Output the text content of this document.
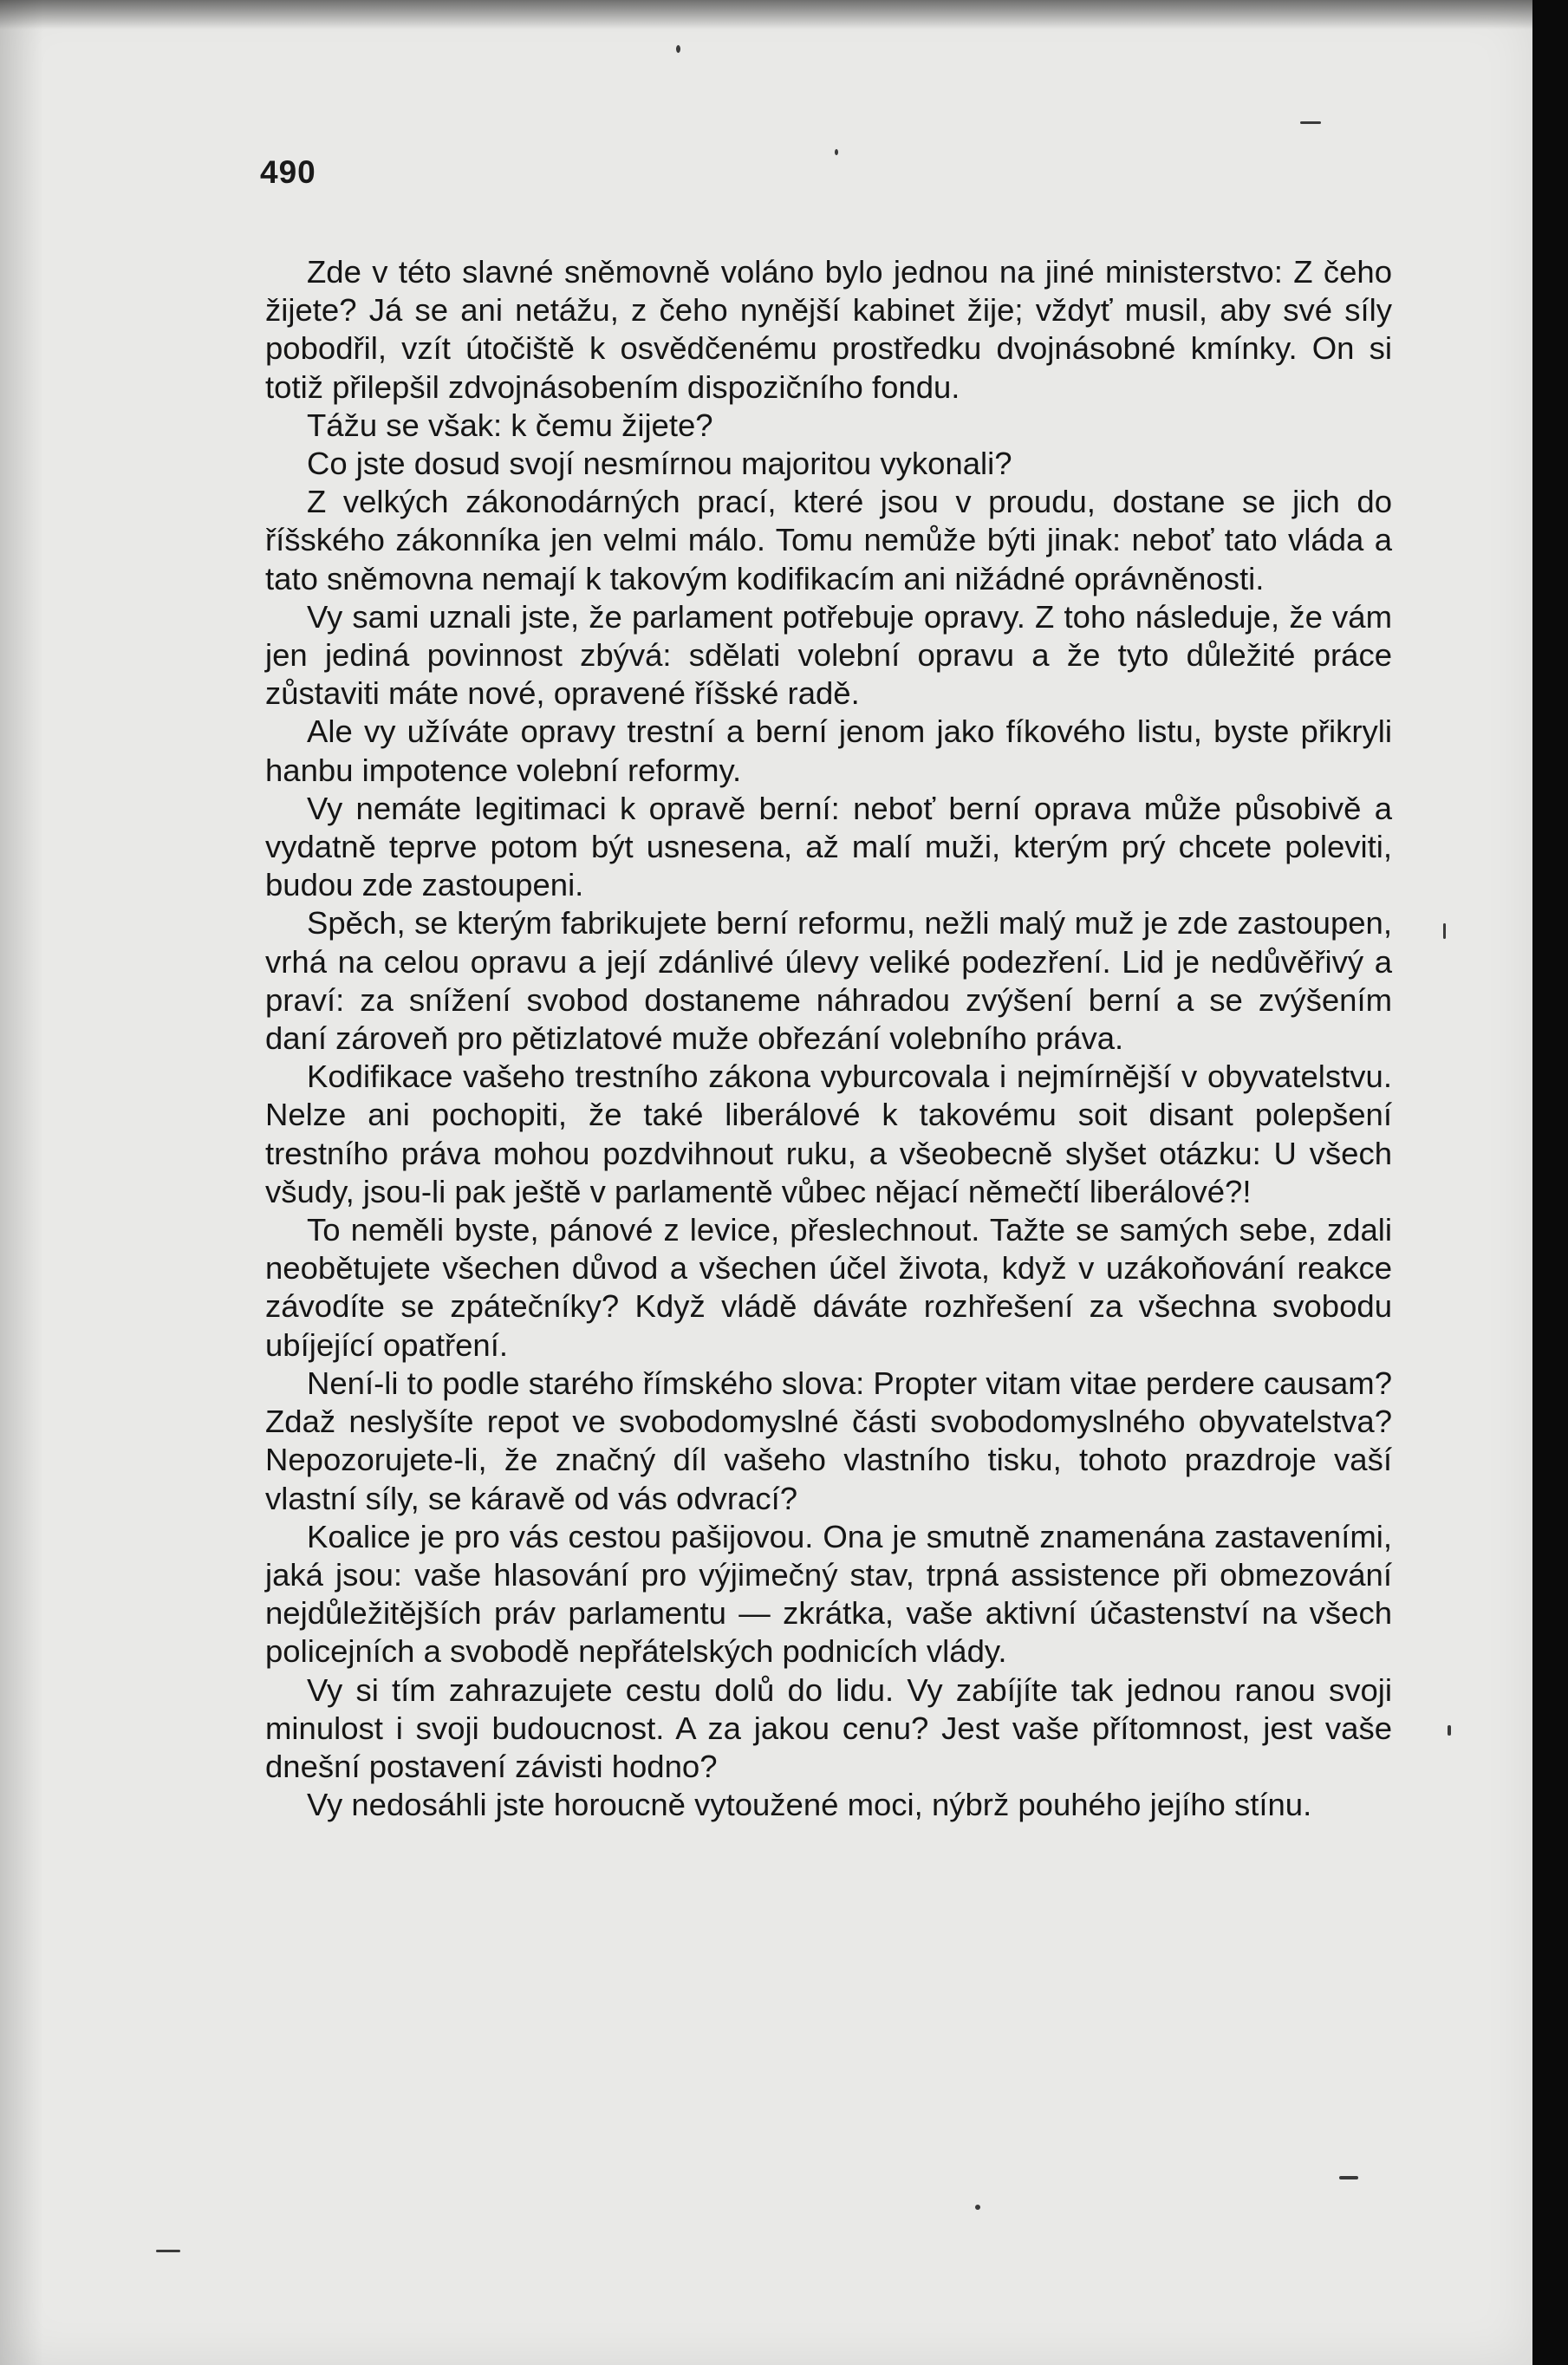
490

Zde v této slavné sněmovně voláno bylo jednou na jiné ministerstvo: Z čeho žijete? Já se ani netážu, z čeho nynější kabinet žije; vždyť musil, aby své síly pobodřil, vzít útočiště k osvědčenému prostředku dvojnásobné kmínky. On si totiž přilepšil zdvojnásobením dispozičního fondu.

Tážu se však: k čemu žijete?

Co jste dosud svojí nesmírnou majoritou vykonali?

Z velkých zákonodárných prací, které jsou v proudu, dostane se jich do říšského zákonníka jen velmi málo. Tomu nemůže býti jinak: neboť tato vláda a tato sněmovna nemají k takovým kodifikacím ani nižádné oprávněnosti.

Vy sami uznali jste, že parlament potřebuje opravy. Z toho následuje, že vám jen jediná povinnost zbývá: sdělati volební opravu a že tyto důležité práce zůstaviti máte nové, opravené říšské radě.

Ale vy užíváte opravy trestní a berní jenom jako fíkového listu, byste přikryli hanbu impotence volební reformy.

Vy nemáte legitimaci k opravě berní: neboť berní oprava může působivě a vydatně teprve potom být usnesena, až malí muži, kterým prý chcete poleviti, budou zde zastoupeni.

Spěch, se kterým fabrikujete berní reformu, nežli malý muž je zde zastoupen, vrhá na celou opravu a její zdánlivé úlevy veliké podezření. Lid je nedůvěřivý a praví: za snížení svobod dostaneme náhradou zvýšení berní a se zvýšením daní zároveň pro pětizlatové muže obřezání volebního práva.

Kodifikace vašeho trestního zákona vyburcovala i nejmírnější v obyvatelstvu. Nelze ani pochopiti, že také liberálové k takovému soit disant polepšení trestního práva mohou pozdvihnout ruku, a všeobecně slyšet otázku: U všech všudy, jsou-li pak ještě v parlamentě vůbec nějací němečtí liberálové?!

To neměli byste, pánové z levice, přeslechnout. Tažte se samých sebe, zdali neobětujete všechen důvod a všechen účel života, když v uzákoňování reakce závodíte se zpátečníky? Když vládě dáváte rozhřešení za všechna svobodu ubíjející opatření.

Není-li to podle starého římského slova: Propter vitam vitae perdere causam? Zdaž neslyšíte repot ve svobodomyslné části svobodomyslného obyvatelstva? Nepozorujete-li, že značný díl vašeho vlastního tisku, tohoto prazdroje vaší vlastní síly, se káravě od vás odvrací?

Koalice je pro vás cestou pašijovou. Ona je smutně znamenána zastaveními, jaká jsou: vaše hlasování pro výjimečný stav, trpná assistence při obmezování nejdůležitějších práv parlamentu — zkrátka, vaše aktivní účastenství na všech policejních a svobodě nepřátelských podnicích vlády.

Vy si tím zahrazujete cestu dolů do lidu. Vy zabíjíte tak jednou ranou svoji minulost i svoji budoucnost. A za jakou cenu? Jest vaše přítomnost, jest vaše dnešní postavení závisti hodno?

Vy nedosáhli jste horoucně vytoužené moci, nýbrž pouhého jejího stínu.
